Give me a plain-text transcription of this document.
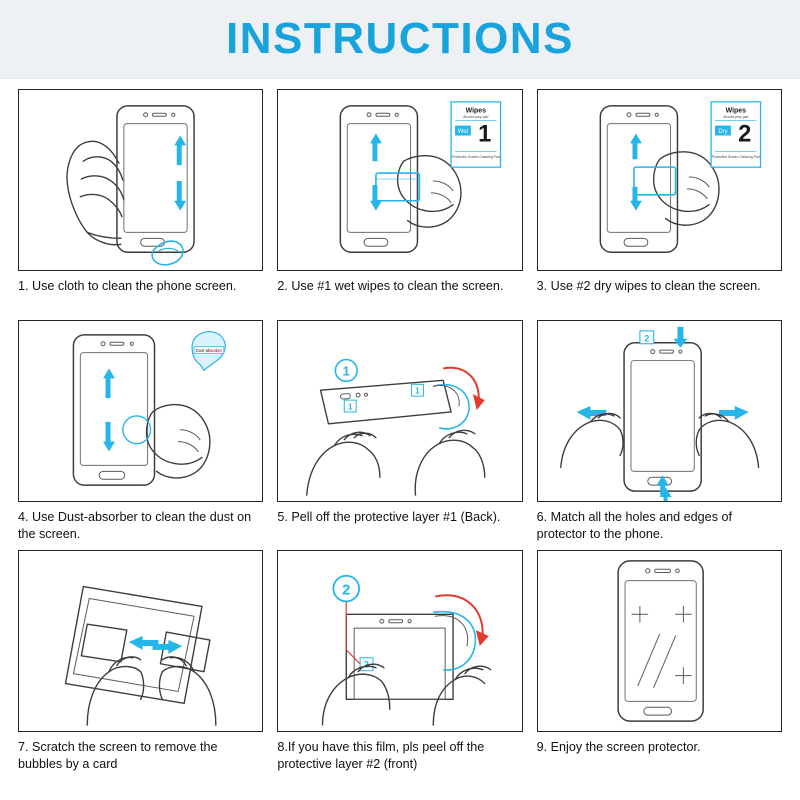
INSTRUCTIONS
1. Use cloth to clean the phone screen.
Wipes
Alcohol prep pad
Wet 1
Protective Screen Cleaning Pad
2. Use #1 wet wipes to clean the screen.
Wipes
Alcohol prep pad
Dry 2
Protective Screen Cleaning Pad
3. Use #2 dry wipes to clean the screen.
Dust-absorber
4. Use Dust-absorber to clean the dust on the screen.
1
1
1
5. Pell off the protective layer #1 (Back).
2
6. Match all the holes and edges of protector to the phone.
7. Scratch the screen to remove the bubbles by a card
2
2
8.If you have this film, pls peel off the protective layer #2 (front)
9. Enjoy the screen protector.
